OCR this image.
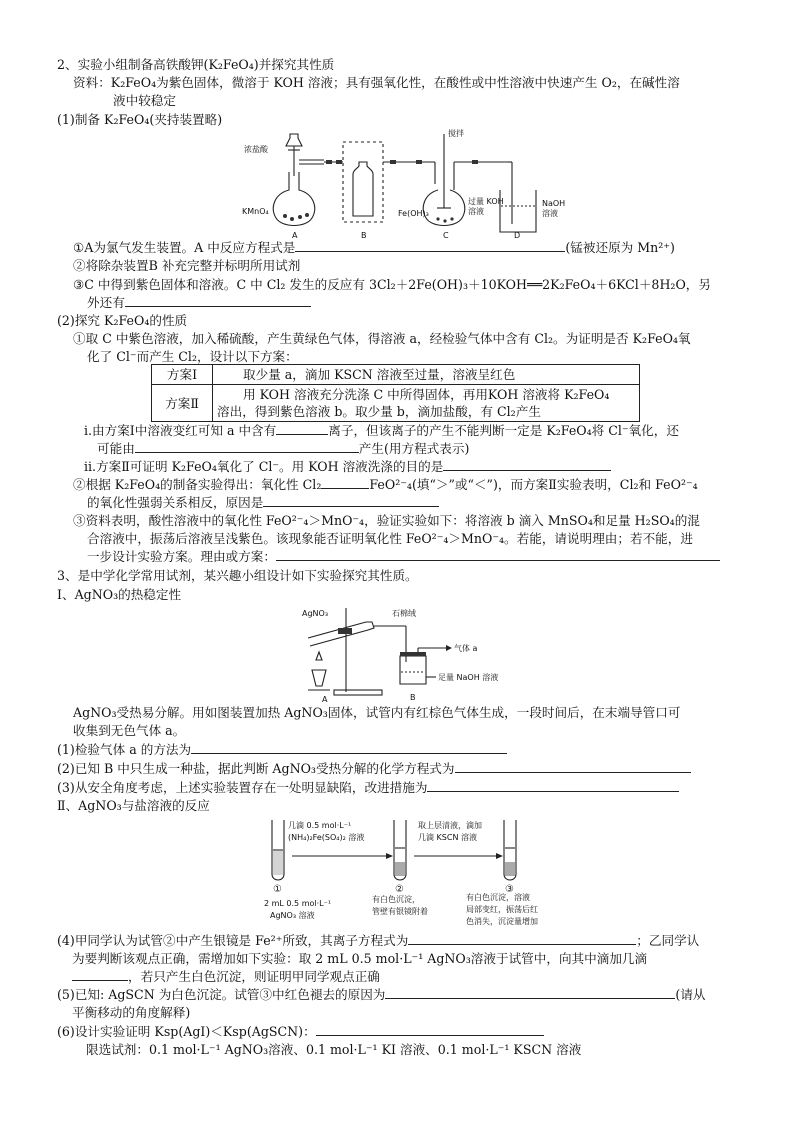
2、实验小组制备高铁酸钾(K₂FeO₄)并探究其性质
资料：K₂FeO₄为紫色固体，微溶于 KOH 溶液；具有强氧化性，在酸性或中性溶液中快速产生 O₂，在碱性溶
液中较稳定
(1)制备 K₂FeO₄(夹持装置略)
浓盐酸
KMnO₄
搅拌
Fe(OH)₃
过量 KOH
溶液
NaOH
溶液
A	B	C	D
①A为氯气发生装置。A 中反应方程式是	(锰被还原为 Mn²⁺)
②将除杂装置B 补充完整并标明所用试剂
③C 中得到紫色固体和溶液。C 中 Cl₂ 发生的反应有 3Cl₂＋2Fe(OH)₃＋10KOH══2K₂FeO₄＋6KCl＋8H₂O，另
外还有
(2)探究 K₂FeO₄的性质
①取 C 中紫色溶液，加入稀硫酸，产生黄绿色气体，得溶液 a，经检验气体中含有 Cl₂。为证明是否 K₂FeO₄氧
化了 Cl⁻而产生 Cl₂，设计以下方案：
方案Ⅰ	取少量 a，滴加 KSCN 溶液至过量，溶液呈红色
方案Ⅱ	用 KOH 溶液充分洗涤 C 中所得固体，再用KOH 溶液将 K₂FeO₄
溶出，得到紫色溶液 b。取少量 b，滴加盐酸，有 Cl₂产生
ⅰ.由方案Ⅰ中溶液变红可知 a 中含有	离子，但该离子的产生不能判断一定是 K₂FeO₄将 Cl⁻氧化，还
可能由	产生(用方程式表示)
ⅱ.方案Ⅱ可证明 K₂FeO₄氧化了 Cl⁻。用 KOH 溶液洗涤的目的是
②根据 K₂FeO₄的制备实验得出：氧化性 Cl₂	FeO²⁻₄(填“＞”或“＜”)，而方案Ⅱ实验表明，Cl₂和 FeO²⁻₄
的氧化性强弱关系相反，原因是
③资料表明，酸性溶液中的氧化性 FeO²⁻₄＞MnO⁻₄，验证实验如下：将溶液 b 滴入 MnSO₄和足量 H₂SO₄的混
合溶液中，振荡后溶液呈浅紫色。该现象能否证明氧化性 FeO²⁻₄＞MnO⁻₄。若能，请说明理由；若不能，进
一步设计实验方案。理由或方案：
3、是中学化学常用试剂，某兴趣小组设计如下实验探究其性质。
Ⅰ、AgNO₃的热稳定性
AgNO₃	石棉绒
气体 a
足量 NaOH 溶液
A	B
AgNO₃受热易分解。用如图装置加热 AgNO₃固体，试管内有红棕色气体生成，一段时间后，在末端导管口可
收集到无色气体 a。
(1)检验气体 a 的方法为
(2)已知 B 中只生成一种盐，据此判断 AgNO₃受热分解的化学方程式为
(3)从安全角度考虑，上述实验装置存在一处明显缺陷，改进措施为
Ⅱ、AgNO₃与盐溶液的反应
几滴 0.5 mol·L⁻¹
(NH₄)₂Fe(SO₄)₂ 溶液
取上层清液，滴加
几滴 KSCN 溶液
①	②	③
2 mL 0.5 mol·L⁻¹
AgNO₃ 溶液
有白色沉淀，
管壁有银镜附着
有白色沉淀，溶液
局部变红，振荡后红
色消失，沉淀量增加
(4)甲同学认为试管②中产生银镜是 Fe²⁺所致，其离子方程式为	；乙同学认
为要判断该观点正确，需增加如下实验：取 2 mL 0.5 mol·L⁻¹ AgNO₃溶液于试管中，向其中滴加几滴
，若只产生白色沉淀，则证明甲同学观点正确
(5)已知: AgSCN 为白色沉淀。试管③中红色褪去的原因为	(请从
平衡移动的角度解释)
(6)设计实验证明 Ksp(AgI)＜Ksp(AgSCN)：
限选试剂：0.1 mol·L⁻¹ AgNO₃溶液、0.1 mol·L⁻¹ KI 溶液、0.1 mol·L⁻¹ KSCN 溶液
